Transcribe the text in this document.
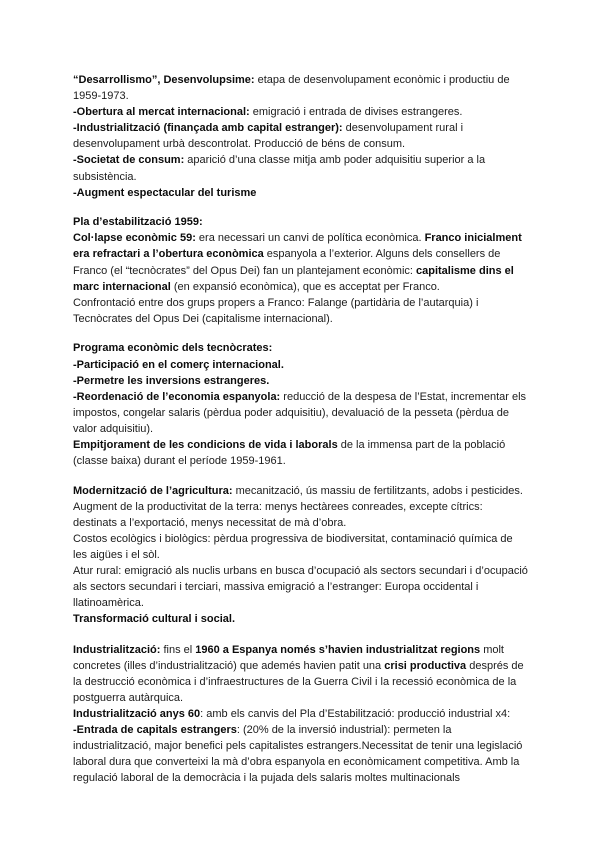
“Desarrollismo”, Desenvolupsime: etapa de desenvolupament econòmic i productiu de 1959-1973.

-Obertura al mercat internacional: emigració i entrada de divises estrangeres.

-Industrialització (finançada amb capital estranger): desenvolupament rural i desenvolupament urbà descontrolat. Producció de béns de consum.

-Societat de consum: aparició d’una classe mitja amb poder adquisitiu superior a la subsistència.

-Augment espectacular del turisme

Pla d’estabilització 1959:

Col·lapse econòmic 59: era necessari un canvi de política econòmica. Franco inicialment era refractari a l’obertura econòmica espanyola a l’exterior. Alguns dels consellers de Franco (el “tecnòcrates” del Opus Dei) fan un plantejament econòmic: capitalisme dins el marc internacional (en expansió econòmica), que es acceptat per Franco.

Confrontació entre dos grups propers a Franco: Falange (partidària de l’autarquia) i Tecnòcrates del Opus Dei (capitalisme internacional).

Programa econòmic dels tecnòcrates:

-Participació en el comerç internacional.

-Permetre les inversions estrangeres.

-Reordenació de l’economia espanyola: reducció de la despesa de l’Estat, incrementar els impostos, congelar salaris (pèrdua poder adquisitiu), devaluació de la pesseta (pèrdua de valor adquisitiu).

Empitjorament de les condicions de vida i laborals de la immensa part de la població (classe baixa) durant el període 1959-1961.

Modernització de l’agricultura: mecanització, ús massiu de fertilitzants, adobs i pesticides.

Augment de la productivitat de la terra: menys hectàrees conreades, excepte cítrics: destinats a l’exportació, menys necessitat de mà d’obra.

Costos ecològics i biològics: pèrdua progressiva de biodiversitat, contaminació química de les aigües i el sòl.

Atur rural: emigració als nuclis urbans en busca d’ocupació als sectors secundari i d’ocupació als sectors secundari i terciari, massiva emigració a l’estranger: Europa occidental i llatinoamèrica.

Transformació cultural i social.

Industrialització: fins el 1960 a Espanya només s’havien industrialitzat regions molt concretes (illes d’industrialització) que ademés havien patit una crisi productiva després de la destrucció econòmica i d’infraestructures de la Guerra Civil i la recessió econòmica de la postguerra autàrquica.

Industrialització anys 60: amb els canvis del Pla d’Estabilització: producció industrial x4:

-Entrada de capitals estrangers: (20% de la inversió industrial): permeten la industrialització, major benefici pels capitalistes estrangers.Necessitat de tenir una legislació laboral dura que converteixi la mà d’obra espanyola en econòmicament competitiva. Amb la regulació laboral de la democràcia i la pujada dels salaris moltes multinacionals
